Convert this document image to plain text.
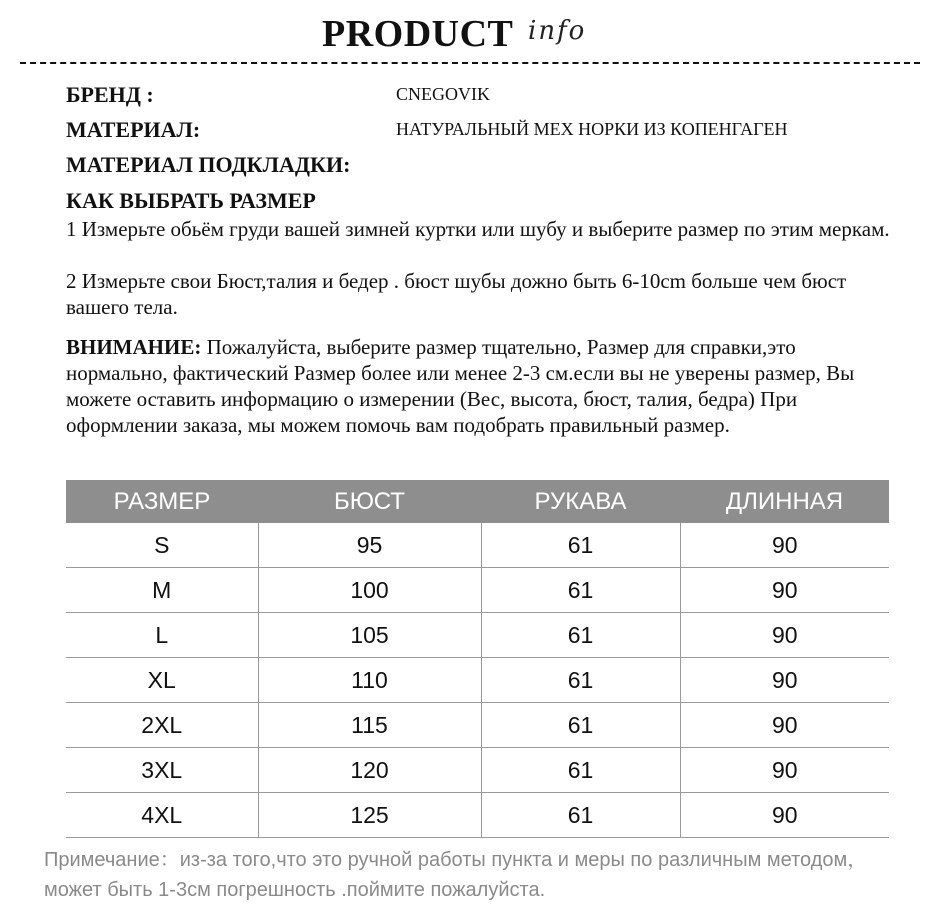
PRODUCT info
БРЕНД :	CNEGOVIK
МАТЕРИАЛ:	НАТУРАЛЬНЫЙ МЕХ НОРКИ ИЗ КОПЕНГАГЕН
МАТЕРИАЛ ПОДКЛАДКИ:
КАК ВЫБРАТЬ РАЗМЕР
1 Измерьте обьём груди вашей зимней куртки или шубу и выберите размер по этим меркам.
2 Измерьте свои Бюст,талия и бедер . бюст шубы дожно быть 6-10cm больше чем бюст вашего тела.
ВНИМАНИЕ: Пожалуйста, выберите размер тщательно, Размер для справки,это нормально, фактический Размер более или менее 2-3 см.если вы не уверены размер, Вы можете оставить информацию о измерении (Вес, высота, бюст, талия, бедра) При оформлении заказа, мы можем помочь вам подобрать правильный размер.
РАЗМЕР	БЮСТ	РУКАВА	ДЛИННАЯ
S	95	61	90
M	100	61	90
L	105	61	90
XL	110	61	90
2XL	115	61	90
3XL	120	61	90
4XL	125	61	90
Примечание：из-за того,что это ручной работы пункта и меры по различным методом，может быть 1-3см погрешность .поймите пожалуйста.
